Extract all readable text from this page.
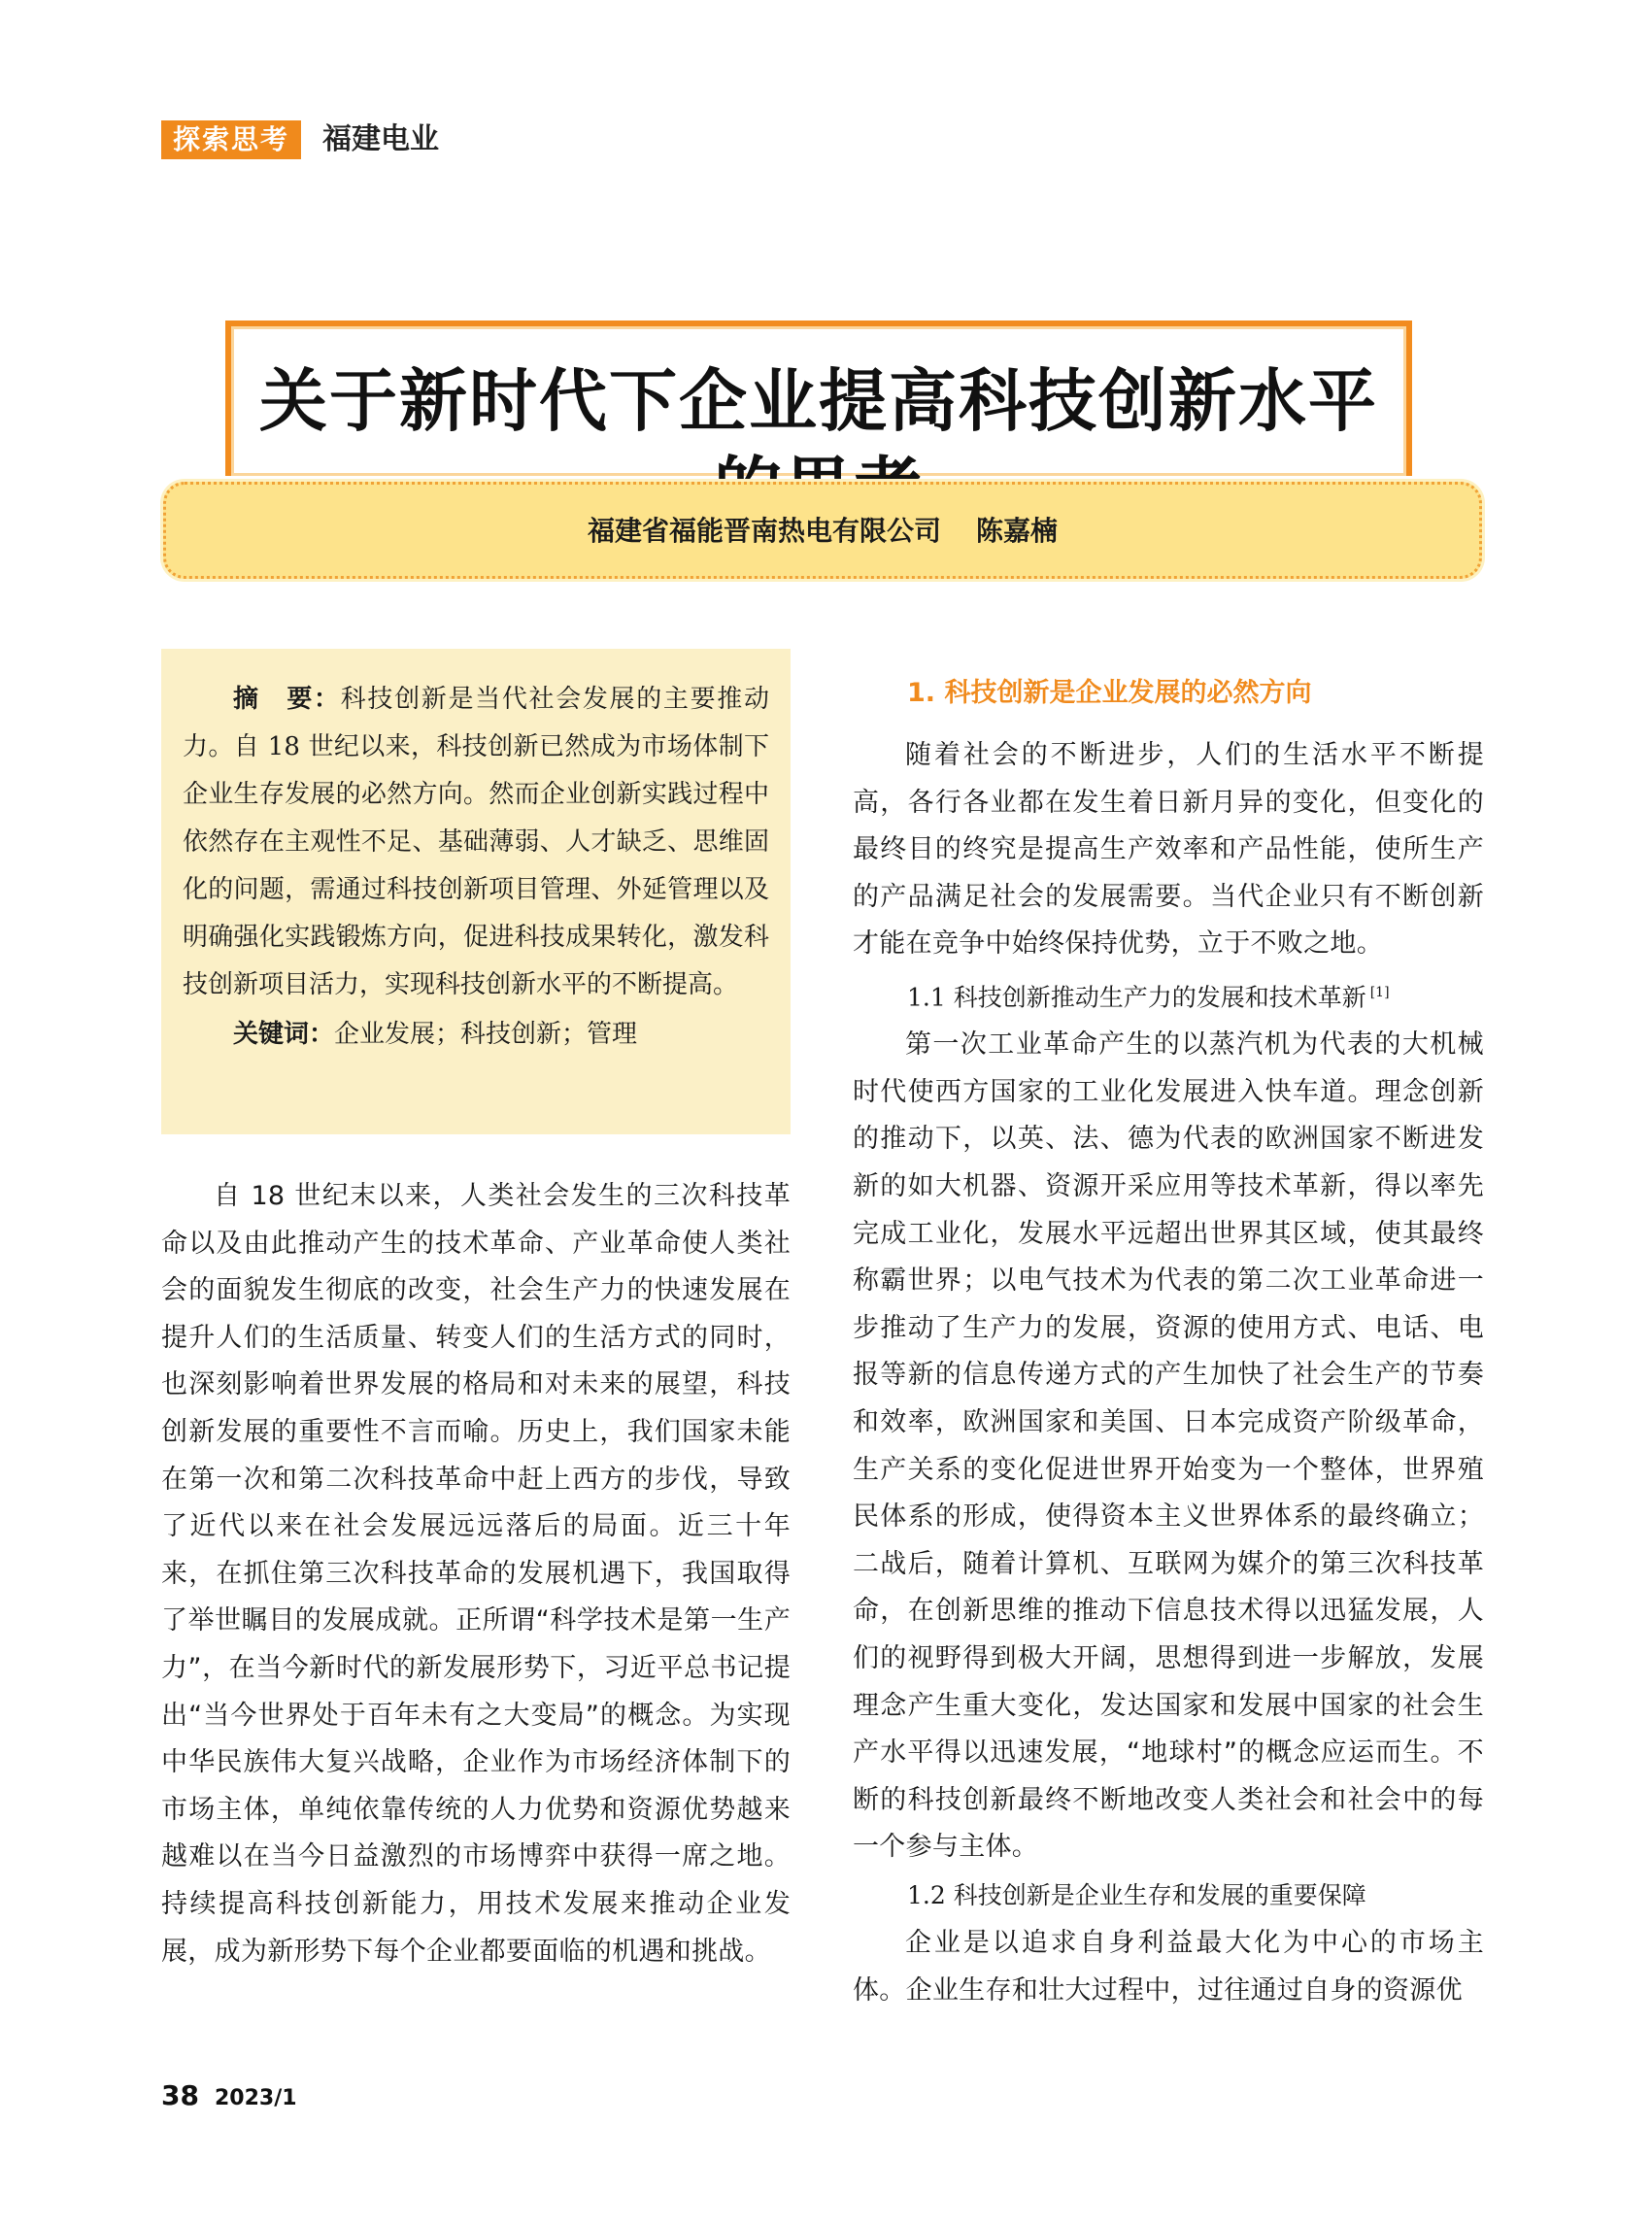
探索思考	福建电业
关于新时代下企业提高科技创新水平
福建省福能晋南热电有限公司 陈嘉楠

摘　要：科技创新是当代社会发展的主要推动力。自 18 世纪以来，科技创新已然成为市场体制下企业生存发展的必然方向。然而企业创新实践过程中依然存在主观性不足、基础薄弱、人才缺乏、思维固化的问题，需通过科技创新项目管理、外延管理以及明确强化实践锻炼方向，促进科技成果转化，激发科技创新项目活力，实现科技创新水平的不断提高。

关键词：企业发展；科技创新；管理

自 18 世纪末以来，人类社会发生的三次科技革命以及由此推动产生的技术革命、产业革命使人类社会的面貌发生彻底的改变，社会生产力的快速发展在提升人们的生活质量、转变人们的生活方式的同时，也深刻影响着世界发展的格局和对未来的展望，科技创新发展的重要性不言而喻。历史上，我们国家未能在第一次和第二次科技革命中赶上西方的步伐，导致了近代以来在社会发展远远落后的局面。近三十年来，在抓住第三次科技革命的发展机遇下，我国取得了举世瞩目的发展成就。正所谓“科学技术是第一生产力”，在当今新时代的新发展形势下，习近平总书记提出“当今世界处于百年未有之大变局”的概念。为实现中华民族伟大复兴战略，企业作为市场经济体制下的市场主体，单纯依靠传统的人力优势和资源优势越来越难以在当今日益激烈的市场博弈中获得一席之地。持续提高科技创新能力，用技术发展来推动企业发展，成为新形势下每个企业都要面临的机遇和挑战。

1. 科技创新是企业发展的必然方向

随着社会的不断进步，人们的生活水平不断提高，各行各业都在发生着日新月异的变化，但变化的最终目的终究是提高生产效率和产品性能，使所生产的产品满足社会的发展需要。当代企业只有不断创新才能在竞争中始终保持优势，立于不败之地。

1.1 科技创新推动生产力的发展和技术革新 [1]

第一次工业革命产生的以蒸汽机为代表的大机械时代使西方国家的工业化发展进入快车道。理念创新的推动下，以英、法、德为代表的欧洲国家不断进发新的如大机器、资源开采应用等技术革新，得以率先完成工业化，发展水平远超出世界其区域，使其最终称霸世界；以电气技术为代表的第二次工业革命进一步推动了生产力的发展，资源的使用方式、电话、电报等新的信息传递方式的产生加快了社会生产的节奏和效率，欧洲国家和美国、日本完成资产阶级革命，生产关系的变化促进世界开始变为一个整体，世界殖民体系的形成，使得资本主义世界体系的最终确立；二战后，随着计算机、互联网为媒介的第三次科技革命，在创新思维的推动下信息技术得以迅猛发展，人们的视野得到极大开阔，思想得到进一步解放，发展理念产生重大变化，发达国家和发展中国家的社会生产水平得以迅速发展，“地球村”的概念应运而生。不断的科技创新最终不断地改变人类社会和社会中的每一个参与主体。

1.2 科技创新是企业生存和发展的重要保障

企业是以追求自身利益最大化为中心的市场主体。企业生存和壮大过程中，过往通过自身的资源优

38 2023/1
